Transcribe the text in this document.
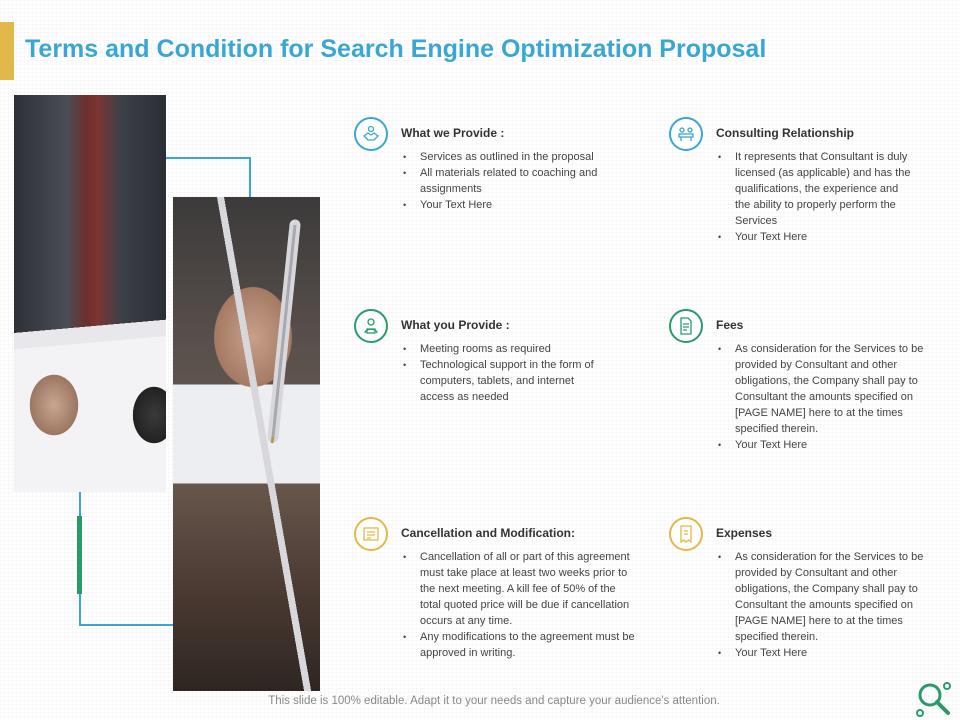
Terms and Condition for Search Engine Optimization Proposal

What we Provide :

• Services as outlined in the proposal
• All materials related to coaching and assignments
• Your Text Here

Consulting Relationship

• It represents that Consultant is duly licensed (as applicable) and has the qualifications, the experience and the ability to properly perform the Services
• Your Text Here

What you Provide :

• Meeting rooms as required
• Technological support in the form of computers, tablets, and internet access as needed

Fees

• As consideration for the Services to be provided by Consultant and other obligations, the Company shall pay to Consultant the amounts specified on [PAGE NAME] here to at the times specified therein.
• Your Text Here

Cancellation and Modification:

• Cancellation of all or part of this agreement must take place at least two weeks prior to the next meeting. A kill fee of 50% of the total quoted price will be due if cancellation occurs at any time.
• Any modifications to the agreement must be approved in writing.

Expenses

• As consideration for the Services to be provided by Consultant and other obligations, the Company shall pay to Consultant the amounts specified on [PAGE NAME] here to at the times specified therein.
• Your Text Here
This slide is 100% editable. Adapt it to your needs and capture your audience's attention.
